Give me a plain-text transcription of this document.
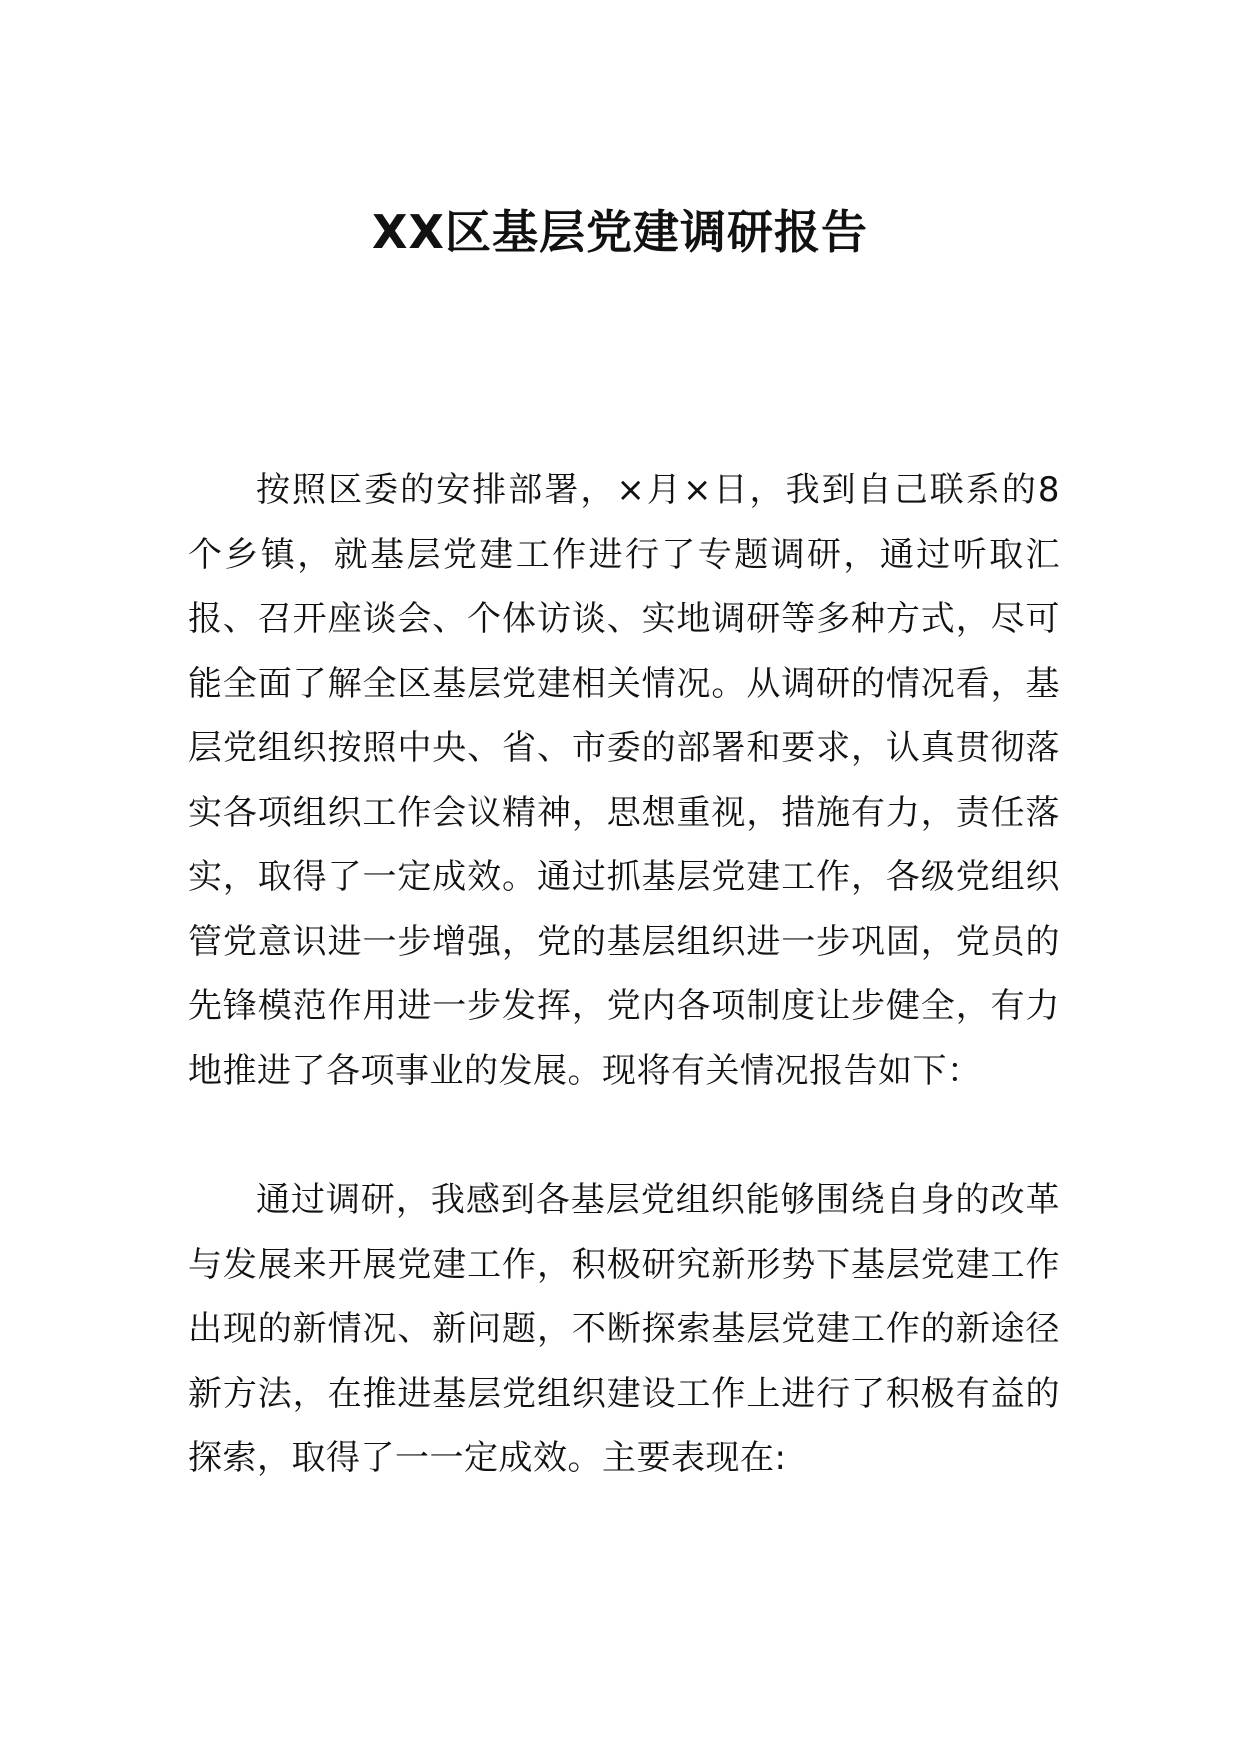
XX区基层党建调研报告

按照区委的安排部署，×月×日，我到自己联系的8个乡镇，就基层党建工作进行了专题调研，通过听取汇报、召开座谈会、个体访谈、实地调研等多种方式，尽可能全面了解全区基层党建相关情况。从调研的情况看，基层党组织按照中央、省、市委的部署和要求，认真贯彻落实各项组织工作会议精神，思想重视，措施有力，责任落实，取得了一定成效。通过抓基层党建工作，各级党组织管党意识进一步增强，党的基层组织进一步巩固，党员的先锋模范作用进一步发挥，党内各项制度让步健全，有力地推进了各项事业的发展。现将有关情况报告如下：

通过调研，我感到各基层党组织能够围绕自身的改革与发展来开展党建工作，积极研究新形势下基层党建工作出现的新情况、新问题，不断探索基层党建工作的新途径新方法，在推进基层党组织建设工作上进行了积极有益的探索，取得了一一定成效。主要表现在:
